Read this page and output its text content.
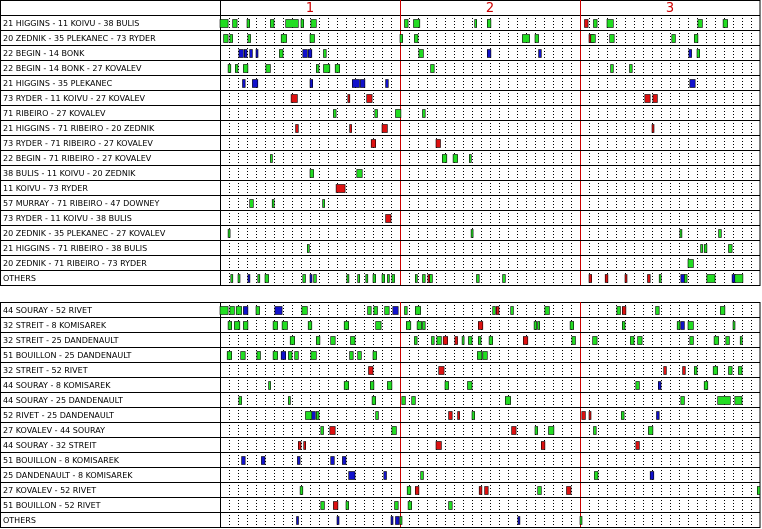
1	2	3
21 HIGGINS - 11 KOIVU - 38 BULIS
20 ZEDNIK - 35 PLEKANEC - 73 RYDER
22 BEGIN - 14 BONK
22 BEGIN - 14 BONK - 27 KOVALEV
21 HIGGINS - 35 PLEKANEC
73 RYDER - 11 KOIVU - 27 KOVALEV
71 RIBEIRO - 27 KOVALEV
21 HIGGINS - 71 RIBEIRO - 20 ZEDNIK
73 RYDER - 71 RIBEIRO - 27 KOVALEV
22 BEGIN - 71 RIBEIRO - 27 KOVALEV
38 BULIS - 11 KOIVU - 20 ZEDNIK
11 KOIVU - 73 RYDER
57 MURRAY - 71 RIBEIRO - 47 DOWNEY
73 RYDER - 11 KOIVU - 38 BULIS
20 ZEDNIK - 35 PLEKANEC - 27 KOVALEV
21 HIGGINS - 71 RIBEIRO - 38 BULIS
20 ZEDNIK - 71 RIBEIRO - 73 RYDER
OTHERS
44 SOURAY - 52 RIVET
32 STREIT - 8 KOMISAREK
32 STREIT - 25 DANDENAULT
51 BOUILLON - 25 DANDENAULT
32 STREIT - 52 RIVET
44 SOURAY - 8 KOMISAREK
44 SOURAY - 25 DANDENAULT
52 RIVET - 25 DANDENAULT
27 KOVALEV - 44 SOURAY
44 SOURAY - 32 STREIT
51 BOUILLON - 8 KOMISAREK
25 DANDENAULT - 8 KOMISAREK
27 KOVALEV - 52 RIVET
51 BOUILLON - 52 RIVET
OTHERS
